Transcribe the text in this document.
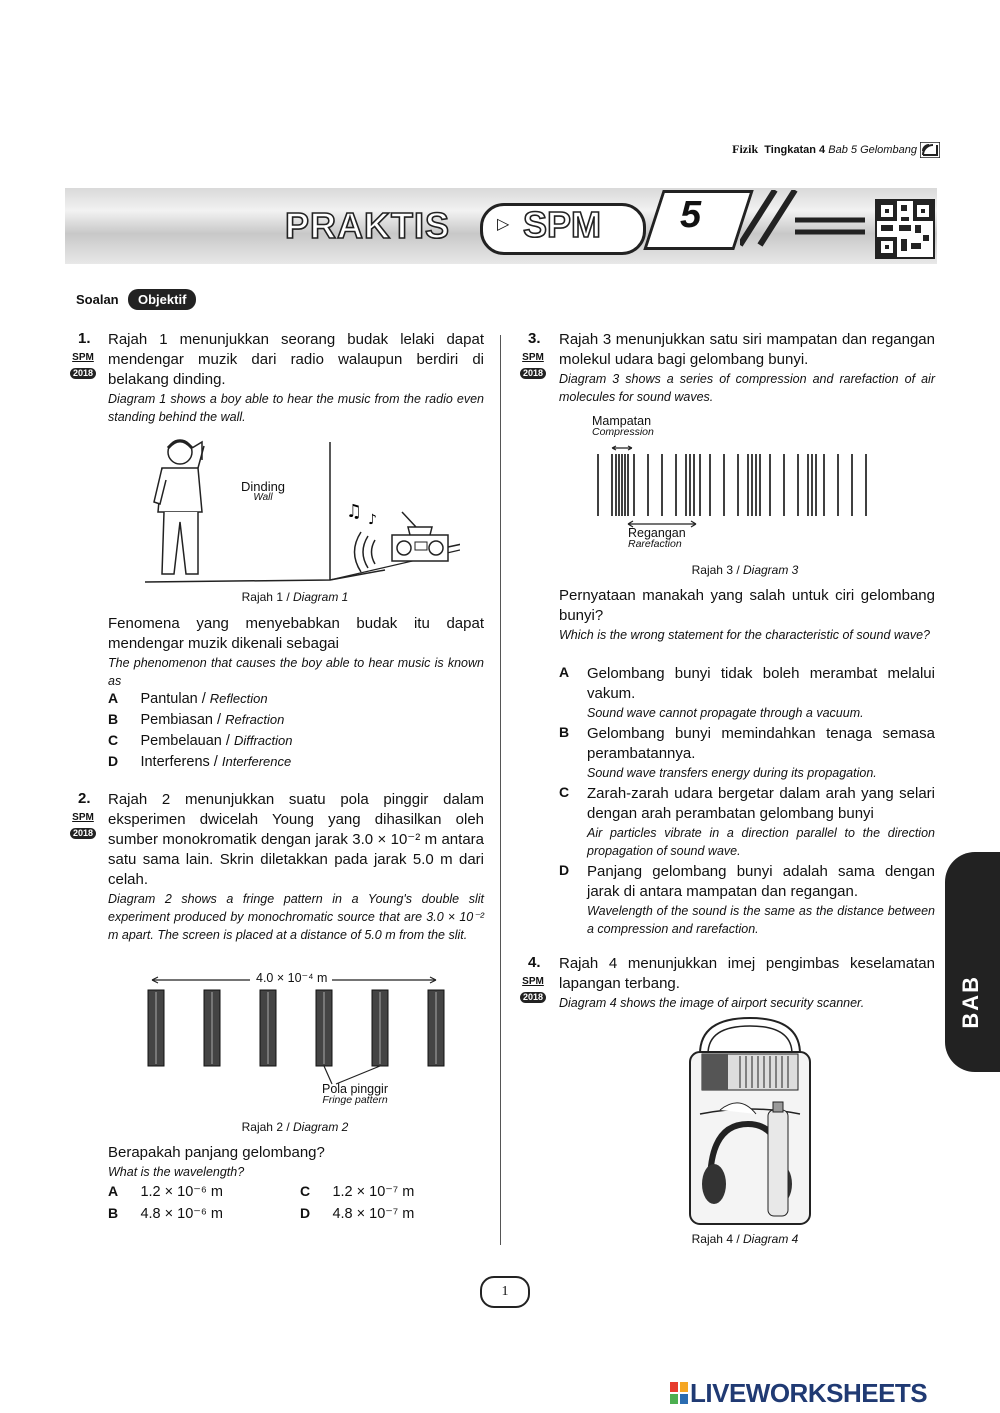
Fizik Tingkatan 4 Bab 5 Gelombang
PRAKTIS	▷ SPM 5
Soalan	Objektif
1.
SPM
2018
Rajah 1 menunjukkan seorang budak lelaki dapat mendengar muzik dari radio walaupun berdiri di belakang dinding.
Diagram 1 shows a boy able to hear the music from the radio even standing behind the wall.
♫ ♪
Dinding
Wall
Rajah 1 / Diagram 1
Fenomena yang menyebabkan budak itu dapat mendengar muzik dikenali sebagai
The phenomenon that causes the boy able to hear music is known as
A Pantulan / Reflection
B Pembiasan / Refraction
C Pembelauan / Diffraction
D Interferens / Interference
2.
SPM
2018
Rajah 2 menunjukkan suatu pola pinggir dalam eksperimen dwicelah Young yang dihasilkan oleh sumber monokromatik dengan jarak 3.0 × 10⁻² m antara satu sama lain. Skrin diletakkan pada jarak 5.0 m dari celah.
Diagram 2 shows a fringe pattern in a Young's double slit experiment produced by monochromatic source that are 3.0 × 10⁻² m apart. The screen is placed at a distance of 5.0 m from the slit.
4.0 × 10⁻⁴ m
Pola pinggir
Fringe pattern
Rajah 2 / Diagram 2
Berapakah panjang gelombang?
What is the wavelength?
A 1.2 × 10⁻⁶ m
B 4.8 × 10⁻⁶ m
C 1.2 × 10⁻⁷ m
D 4.8 × 10⁻⁷ m
3.
SPM
2018
Rajah 3 menunjukkan satu siri mampatan dan regangan molekul udara bagi gelombang bunyi.
Diagram 3 shows a series of compression and rarefaction of air molecules for sound waves.
Mampatan
Compression
Regangan
Rarefaction
Rajah 3 / Diagram 3
Pernyataan manakah yang salah untuk ciri gelombang bunyi?
Which is the wrong statement for the characteristic of sound wave?
A Gelombang bunyi tidak boleh merambat melalui vakum.
Sound wave cannot propagate through a vacuum.
B Gelombang bunyi memindahkan tenaga semasa perambatannya.
Sound wave transfers energy during its propagation.
C Zarah-zarah udara bergetar dalam arah yang selari dengan arah perambatan gelombang bunyi
Air particles vibrate in a direction parallel to the direction propagation of sound wave.
D Panjang gelombang bunyi adalah sama dengan jarak di antara mampatan dan regangan.
Wavelength of the sound is the same as the distance between a compression and rarefaction.
4.
SPM
2018
Rajah 4 menunjukkan imej pengimbas keselamatan lapangan terbang.
Diagram 4 shows the image of airport security scanner.
Rajah 4 / Diagram 4
BAB
1
LIVEWORKSHEETS
